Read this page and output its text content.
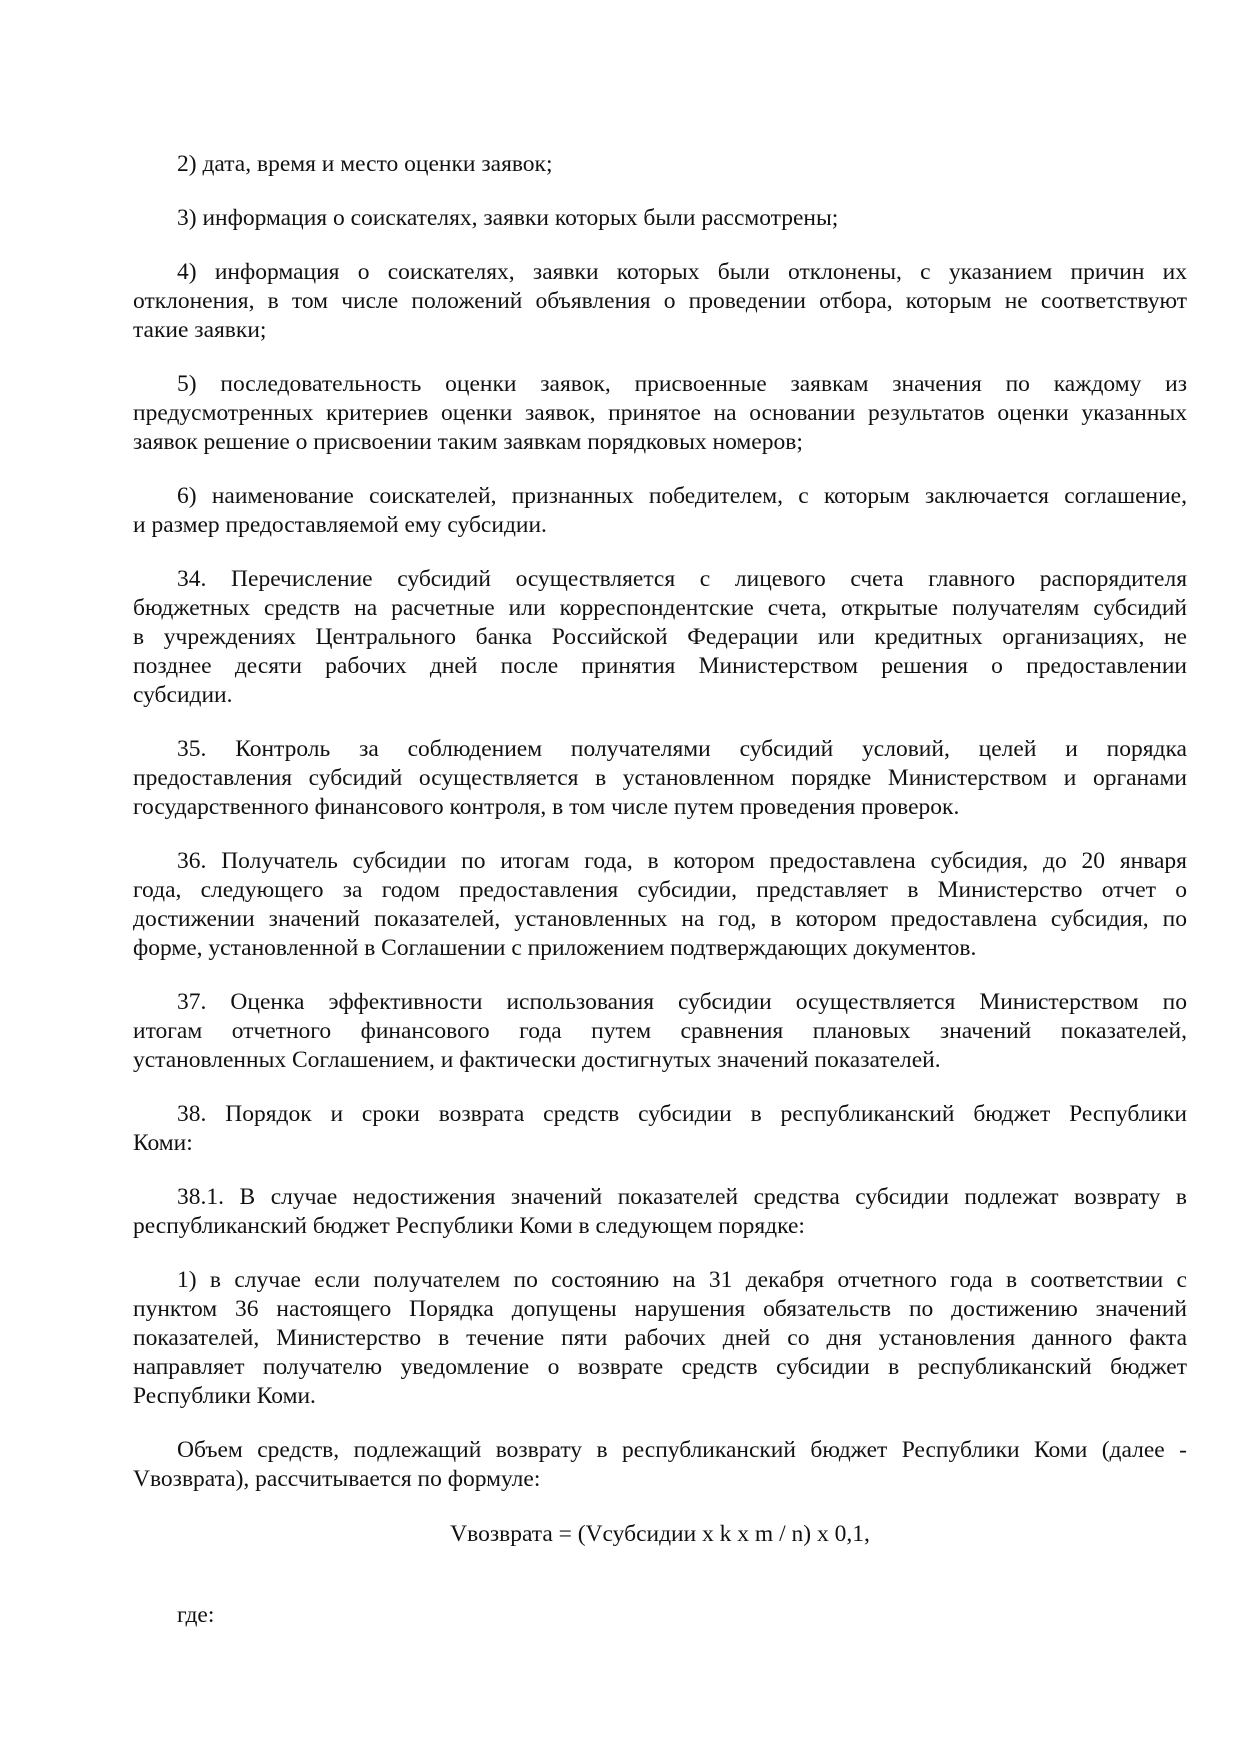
2) дата, время и место оценки заявок;
3) информация о соискателях, заявки которых были рассмотрены;
4) информация о соискателях, заявки которых были отклонены, с указанием причин их
отклонения, в том числе положений объявления о проведении отбора, которым не соответствуют
такие заявки;
5) последовательность оценки заявок, присвоенные заявкам значения по каждому из
предусмотренных критериев оценки заявок, принятое на основании результатов оценки указанных
заявок решение о присвоении таким заявкам порядковых номеров;
6) наименование соискателей, признанных победителем, с которым заключается соглашение,
и размер предоставляемой ему субсидии.
34. Перечисление субсидий осуществляется с лицевого счета главного распорядителя
бюджетных средств на расчетные или корреспондентские счета, открытые получателям субсидий
в учреждениях Центрального банка Российской Федерации или кредитных организациях, не
позднее десяти рабочих дней после принятия Министерством решения о предоставлении
субсидии.
35. Контроль за соблюдением получателями субсидий условий, целей и порядка
предоставления субсидий осуществляется в установленном порядке Министерством и органами
государственного финансового контроля, в том числе путем проведения проверок.
36. Получатель субсидии по итогам года, в котором предоставлена субсидия, до 20 января
года, следующего за годом предоставления субсидии, представляет в Министерство отчет о
достижении значений показателей, установленных на год, в котором предоставлена субсидия, по
форме, установленной в Соглашении с приложением подтверждающих документов.
37. Оценка эффективности использования субсидии осуществляется Министерством по
итогам отчетного финансового года путем сравнения плановых значений показателей,
установленных Соглашением, и фактически достигнутых значений показателей.
38. Порядок и сроки возврата средств субсидии в республиканский бюджет Республики
Коми:
38.1. В случае недостижения значений показателей средства субсидии подлежат возврату в
республиканский бюджет Республики Коми в следующем порядке:
1) в случае если получателем по состоянию на 31 декабря отчетного года в соответствии с
пунктом 36 настоящего Порядка допущены нарушения обязательств по достижению значений
показателей, Министерство в течение пяти рабочих дней со дня установления данного факта
направляет получателю уведомление о возврате средств субсидии в республиканский бюджет
Республики Коми.
Объем средств, подлежащий возврату в республиканский бюджет Республики Коми (далее -
Vвозврата), рассчитывается по формуле:
Vвозврата = (Vсубсидии x k x m / n) x 0,1,
где:
